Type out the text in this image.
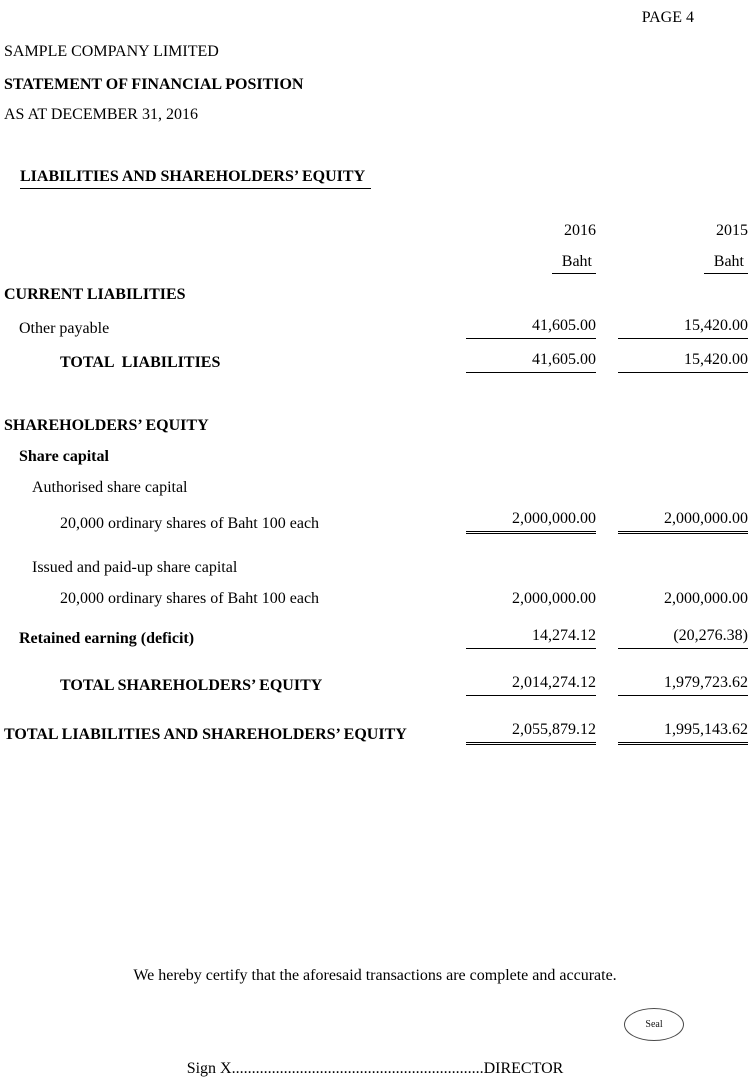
PAGE 4
SAMPLE COMPANY LIMITED
STATEMENT OF FINANCIAL POSITION
AS AT DECEMBER 31, 2016

LIABILITIES AND SHAREHOLDERS’ EQUITY

2016	2015
Baht	Baht
CURRENT LIABILITIES
Other payable	41,605.00	15,420.00
TOTAL  LIABILITIES	41,605.00	15,420.00
SHAREHOLDERS’ EQUITY
Share capital
Authorised share capital
20,000 ordinary shares of Baht 100 each	2,000,000.00	2,000,000.00
Issued and paid-up share capital
20,000 ordinary shares of Baht 100 each	2,000,000.00	2,000,000.00
Retained earning (deficit)	14,274.12	(20,276.38)
TOTAL SHAREHOLDERS’ EQUITY	2,014,274.12	1,979,723.62
TOTAL LIABILITIES AND SHAREHOLDERS’ EQUITY	2,055,879.12	1,995,143.62
We hereby certify that the aforesaid transactions are complete and accurate.
Seal
Sign X...............................................................DIRECTOR
